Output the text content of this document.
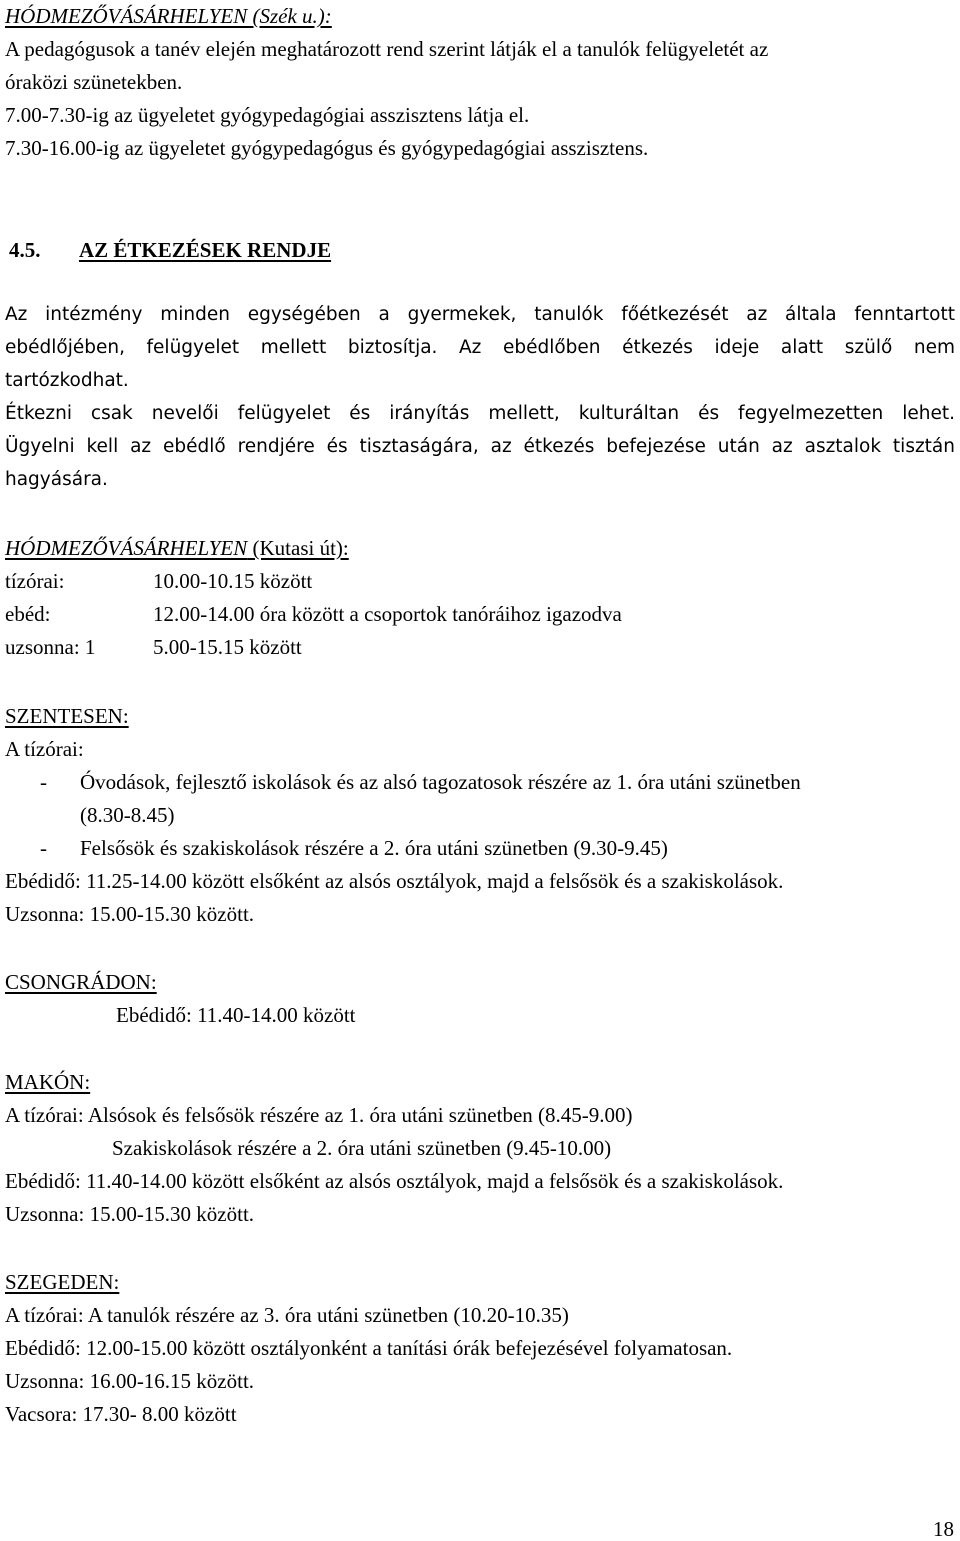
HÓDMEZŐVÁSÁRHELYEN (Szék u.):
A pedagógusok a tanév elején meghatározott rend szerint látják el a tanulók felügyeletét az
óraközi szünetekben.
7.00-7.30-ig az ügyeletet gyógypedagógiai asszisztens látja el.
7.30-16.00-ig az ügyeletet gyógypedagógus és gyógypedagógiai asszisztens.
4.5. AZ ÉTKEZÉSEK RENDJE
Az intézmény minden egységében a gyermekek, tanulók főétkezését az általa fenntartott
ebédlőjében, felügyelet mellett biztosítja. Az ebédlőben étkezés ideje alatt szülő nem
tartózkodhat.
Étkezni csak nevelői felügyelet és irányítás mellett, kulturáltan és fegyelmezetten lehet.
Ügyelni kell az ebédlő rendjére és tisztaságára, az étkezés befejezése után az asztalok tisztán
hagyására.
HÓDMEZŐVÁSÁRHELYEN (Kutasi út):
tízórai:	10.00-10.15 között
ebéd:	12.00-14.00 óra között a csoportok tanóráihoz igazodva
uzsonna: 1	5.00-15.15 között
SZENTESEN:
A tízórai:
- Óvodások, fejlesztő iskolások és az alsó tagozatosok részére az 1. óra utáni szünetben
(8.30-8.45)
- Felsősök és szakiskolások részére a 2. óra utáni szünetben (9.30-9.45)
Ebédidő: 11.25-14.00 között elsőként az alsós osztályok, majd a felsősök és a szakiskolások.
Uzsonna: 15.00-15.30 között.
CSONGRÁDON:
Ebédidő: 11.40-14.00 között
MAKÓN:
A tízórai: Alsósok és felsősök részére az 1. óra utáni szünetben (8.45-9.00)
Szakiskolások részére a 2. óra utáni szünetben (9.45-10.00)
Ebédidő: 11.40-14.00 között elsőként az alsós osztályok, majd a felsősök és a szakiskolások.
Uzsonna: 15.00-15.30 között.
SZEGEDEN:
A tízórai: A tanulók részére az 3. óra utáni szünetben (10.20-10.35)
Ebédidő: 12.00-15.00 között osztályonként a tanítási órák befejezésével folyamatosan.
Uzsonna: 16.00-16.15 között.
Vacsora: 17.30- 8.00 között
18
